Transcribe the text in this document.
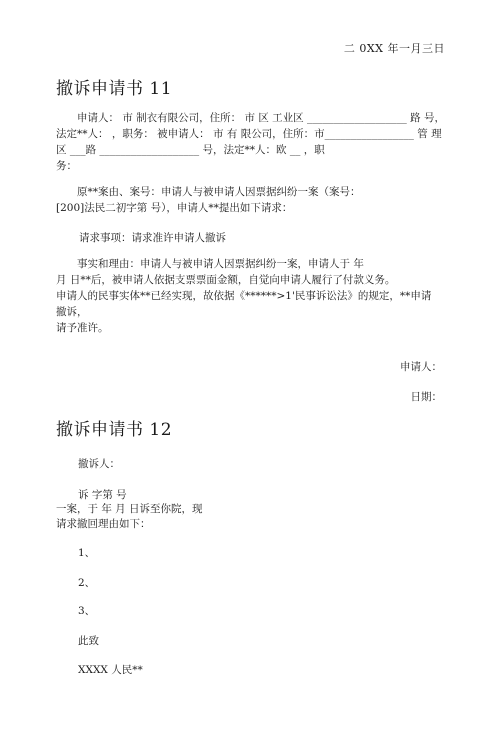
二 0XX 年一月三日
撤诉申请书 11
申请人： 市 制衣有限公司，住所： 市 区 工业区 ___________________ 路 号，
法定**人： ，职务： 被申请人： 市 有 限公司，住所：市_________________ 管 理
区 ___路 ___________________ 号，法定**人：欧 __ ，职
务：
原**案由、案号：申请人与被申请人因票据纠纷一案（案号：
[200]法民二初字第 号），申请人**提出如下请求：
请求事项：请求准许申请人撤诉
事实和理由：申请人与被申请人因票据纠纷一案，申请人于 年
月 日**后，被申请人依据支票票面金额，自觉向申请人履行了付款义务。
申请人的民事实体**已经实现，故依据《******>1'民事诉讼法》的规定，**申请 撤诉，
请予准许。
申请人：
日期：
撤诉申请书 12
撤诉人：
诉 字第 号
一案，于 年 月 日诉至你院，现
请求撤回理由如下：
1、
2、
3、
此致
XXXX 人民**
